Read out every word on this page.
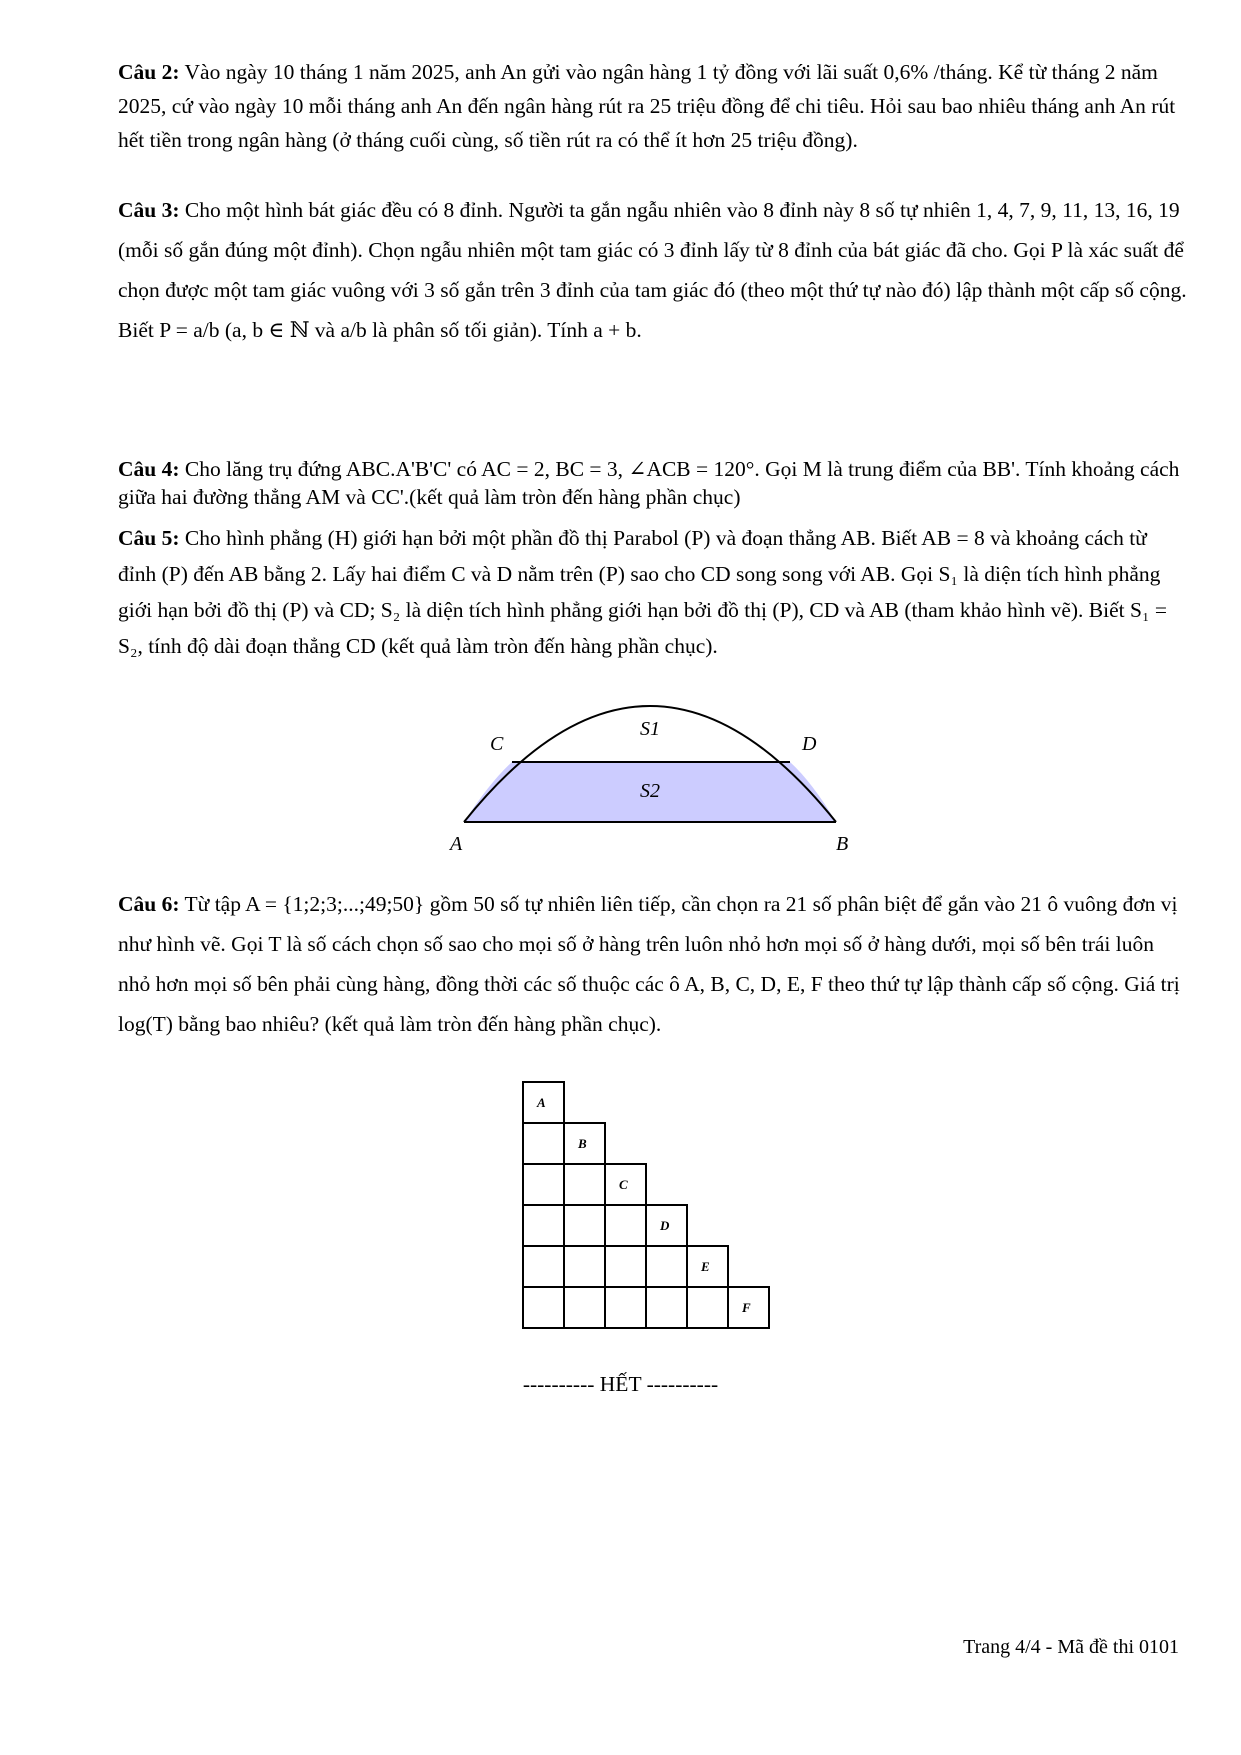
Câu 2: Vào ngày 10 tháng 1 năm 2025, anh An gửi vào ngân hàng 1 tỷ đồng với lãi suất 0,6% /tháng. Kể từ tháng 2 năm 2025, cứ vào ngày 10 mỗi tháng anh An đến ngân hàng rút ra 25 triệu đồng để chi tiêu. Hỏi sau bao nhiêu tháng anh An rút hết tiền trong ngân hàng (ở tháng cuối cùng, số tiền rút ra có thể ít hơn 25 triệu đồng).
Câu 3: Cho một hình bát giác đều có 8 đỉnh. Người ta gắn ngẫu nhiên vào 8 đỉnh này 8 số tự nhiên 1, 4, 7, 9, 11, 13, 16, 19 (mỗi số gắn đúng một đỉnh). Chọn ngẫu nhiên một tam giác có 3 đỉnh lấy từ 8 đỉnh của bát giác đã cho. Gọi P là xác suất để chọn được một tam giác vuông với 3 số gắn trên 3 đỉnh của tam giác đó (theo một thứ tự nào đó) lập thành một cấp số cộng. Biết P = a/b (a, b ∈ ℕ và a/b là phân số tối giản). Tính a + b.
Câu 4: Cho lăng trụ đứng ABC.A'B'C' có AC = 2, BC = 3, ∠ACB = 120°. Gọi M là trung điểm của BB'. Tính khoảng cách giữa hai đường thẳng AM và CC'.(kết quả làm tròn đến hàng phần chục)
Câu 5: Cho hình phẳng (H) giới hạn bởi một phần đồ thị Parabol (P) và đoạn thẳng AB. Biết AB = 8 và khoảng cách từ đỉnh (P) đến AB bằng 2. Lấy hai điểm C và D nằm trên (P) sao cho CD song song với AB. Gọi S₁ là diện tích hình phẳng giới hạn bởi đồ thị (P) và CD; S₂ là diện tích hình phẳng giới hạn bởi đồ thị (P), CD và AB (tham khảo hình vẽ). Biết S₁ = S₂, tính độ dài đoạn thẳng CD (kết quả làm tròn đến hàng phần chục).
C	D
A	B
S1
S2
Câu 6: Từ tập A = {1;2;3;...;49;50} gồm 50 số tự nhiên liên tiếp, cần chọn ra 21 số phân biệt để gắn vào 21 ô vuông đơn vị như hình vẽ. Gọi T là số cách chọn số sao cho mọi số ở hàng trên luôn nhỏ hơn mọi số ở hàng dưới, mọi số bên trái luôn nhỏ hơn mọi số bên phải cùng hàng, đồng thời các số thuộc các ô A, B, C, D, E, F theo thứ tự lập thành cấp số cộng. Giá trị log(T) bằng bao nhiêu? (kết quả làm tròn đến hàng phần chục).
A
B
C
D
E
F
---------- HẾT ----------
Trang 4/4 - Mã đề thi 0101
